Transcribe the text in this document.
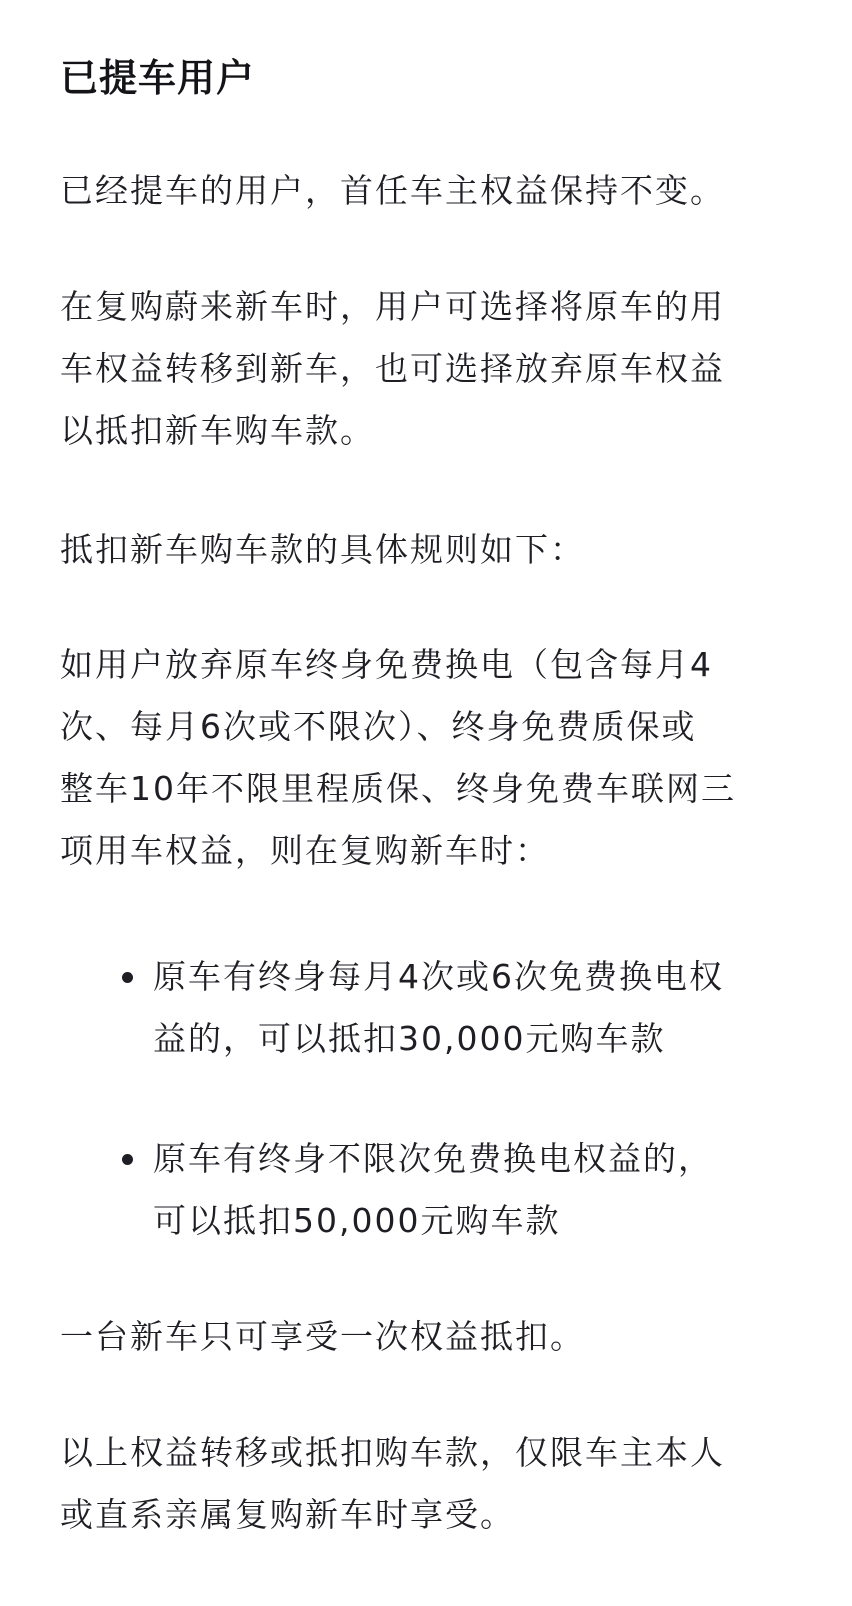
已提车用户

已经提车的用户，首任车主权益保持不变。

在复购蔚来新车时，用户可选择将原车的用
车权益转移到新车，也可选择放弃原车权益
以抵扣新车购车款。

抵扣新车购车款的具体规则如下：

如用户放弃原车终身免费换电（包含每月4
次、每月6次或不限次）、终身免费质保或
整车10年不限里程质保、终身免费车联网三
项用车权益，则在复购新车时：

原车有终身每月4次或6次免费换电权
益的，可以抵扣30,000元购车款
原车有终身不限次免费换电权益的，
可以抵扣50,000元购车款

一台新车只可享受一次权益抵扣。

以上权益转移或抵扣购车款，仅限车主本人
或直系亲属复购新车时享受。
